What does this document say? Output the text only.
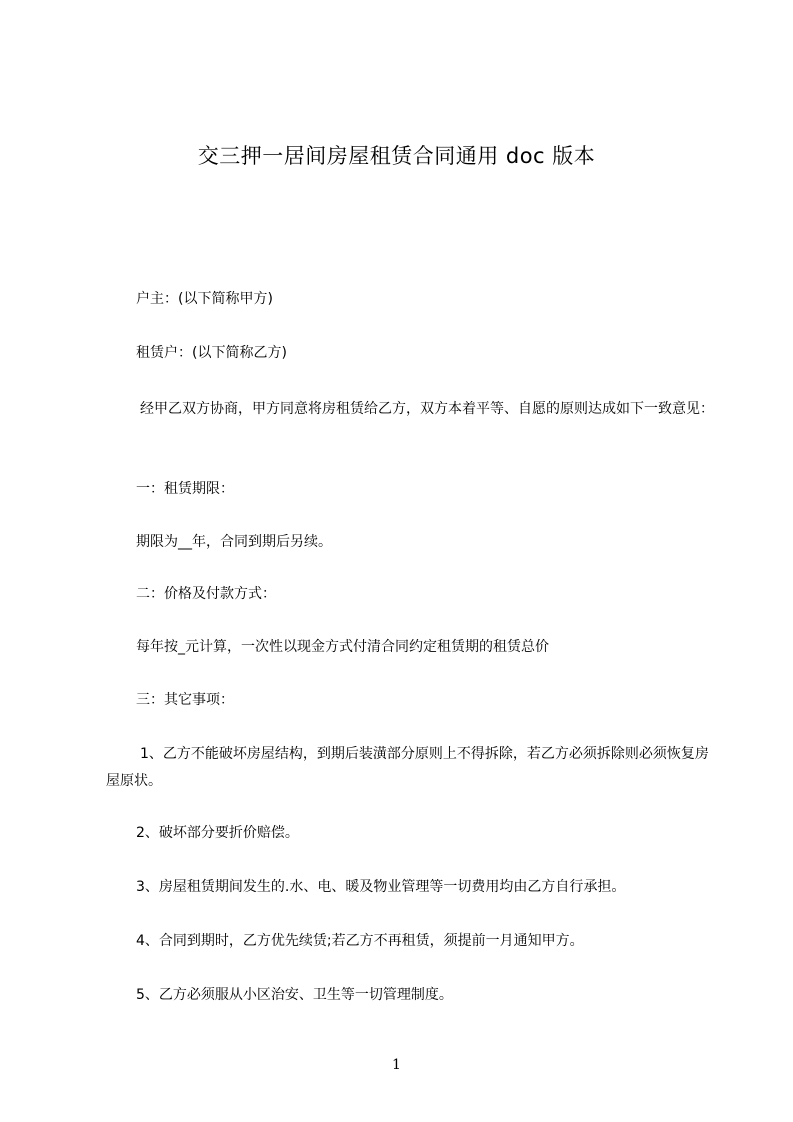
交三押一居间房屋租赁合同通用 doc 版本
户主：(以下简称甲方)
租赁户：(以下简称乙方)
经甲乙双方协商，甲方同意将房租赁给乙方，双方本着平等、自愿的原则达成如下一致意见：
一：租赁期限：
期限为__年，合同到期后另续。
二：价格及付款方式：
每年按_元计算，一次性以现金方式付清合同约定租赁期的租赁总价
三：其它事项：
1、乙方不能破坏房屋结构，到期后装潢部分原则上不得拆除，若乙方必须拆除则必须恢复房屋原状。
2、破坏部分要折价赔偿。
3、房屋租赁期间发生的.水、电、暖及物业管理等一切费用均由乙方自行承担。
4、合同到期时，乙方优先续赁;若乙方不再租赁，须提前一月通知甲方。
5、乙方必须服从小区治安、卫生等一切管理制度。
1
